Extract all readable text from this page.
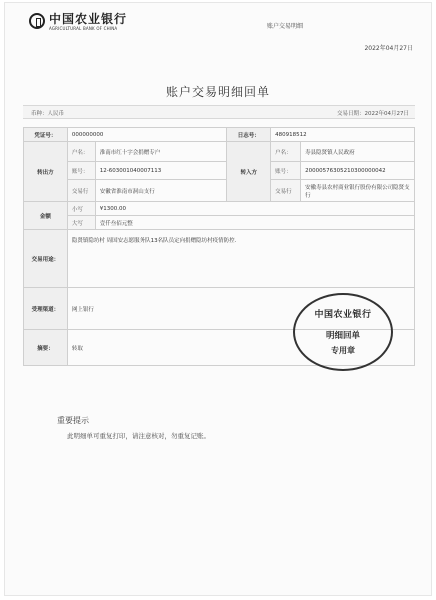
中国农业银行
AGRICULTURAL BANK OF CHINA	账户交易明细
2022年04月27日
账户交易明细回单
币种：人民币	交易日期：2022年04月27日
凭证号：	000000000		日志号：	480918512	
转出方	户名：	淮南市红十字会捐赠专户	转入方	户名：	寿县隐贤镇人民政府
	账号：	12-603001040007113		账号：	20000576305210300000042
	交易行	安徽省淮南市洞山支行		交易行	安徽寿县农村商业银行股份有限公司隐贤支行
金额	小写	¥1300.00			
	大写	壹仟叁佰元整			
交易用途：	隐贤镇隐坊村 周国安志愿服务队13名队员定向捐赠隐坊村疫情防控.				
受理渠道：	网上银行				
摘要：	转取				
中国农业银行
明细回单
专用章
重要提示
此明细单可重复打印，请注意核对，勿重复记账。
